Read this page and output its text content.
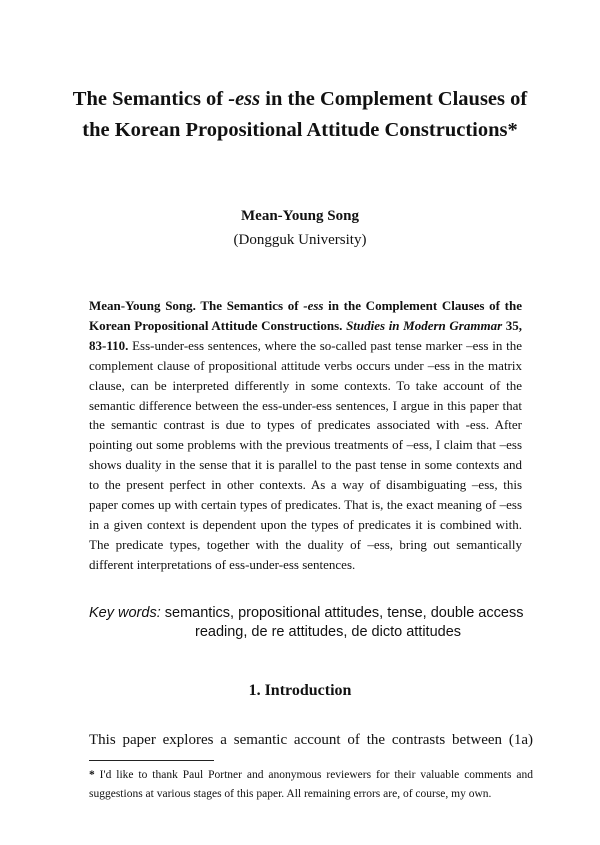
The Semantics of -ess in the Complement Clauses of the Korean Propositional Attitude Constructions*
Mean-Young Song
(Dongguk University)

Mean-Young Song. The Semantics of -ess in the Complement Clauses of the Korean Propositional Attitude Constructions. Studies in Modern Grammar 35, 83-110. Ess-under-ess sentences, where the so-called past tense marker –ess in the complement clause of propositional attitude verbs occurs under –ess in the matrix clause, can be interpreted differently in some contexts. To take account of the semantic difference between the ess-under-ess sentences, I argue in this paper that the semantic contrast is due to types of predicates associated with -ess. After pointing out some problems with the previous treatments of –ess, I claim that –ess shows duality in the sense that it is parallel to the past tense in some contexts and to the present perfect in other contexts. As a way of disambiguating –ess, this paper comes up with certain types of predicates. That is, the exact meaning of –ess in a given context is dependent upon the types of predicates it is combined with. The predicate types, together with the duality of –ess, bring out semantically different interpretations of ess-under-ess sentences.

Key words: semantics, propositional attitudes, tense, double access
reading, de re attitudes, de dicto attitudes
1. Introduction
This paper explores a semantic account of the contrasts between (1a)

* I'd like to thank Paul Portner and anonymous reviewers for their valuable comments and suggestions at various stages of this paper. All remaining errors are, of course, my own.
